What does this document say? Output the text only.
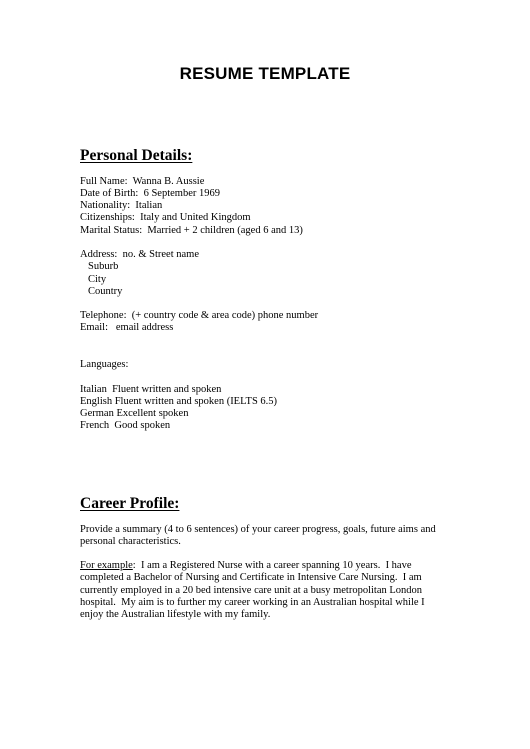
RESUME TEMPLATE
Personal Details:
Full Name:  Wanna B. Aussie
Date of Birth:  6 September 1969
Nationality:  Italian
Citizenships:  Italy and United Kingdom
Marital Status:  Married + 2 children (aged 6 and 13)
Address:  no. & Street name
Suburb
City
Country
Telephone:  (+ country code & area code) phone number
Email:   email address
Languages:
Italian  Fluent written and spoken
English Fluent written and spoken (IELTS 6.5)
German Excellent spoken
French  Good spoken
Career Profile:
Provide a summary (4 to 6 sentences) of your career progress, goals, future aims and
personal characteristics.
For example:  I am a Registered Nurse with a career spanning 10 years.  I have
completed a Bachelor of Nursing and Certificate in Intensive Care Nursing.  I am
currently employed in a 20 bed intensive care unit at a busy metropolitan London
hospital.  My aim is to further my career working in an Australian hospital while I
enjoy the Australian lifestyle with my family.
